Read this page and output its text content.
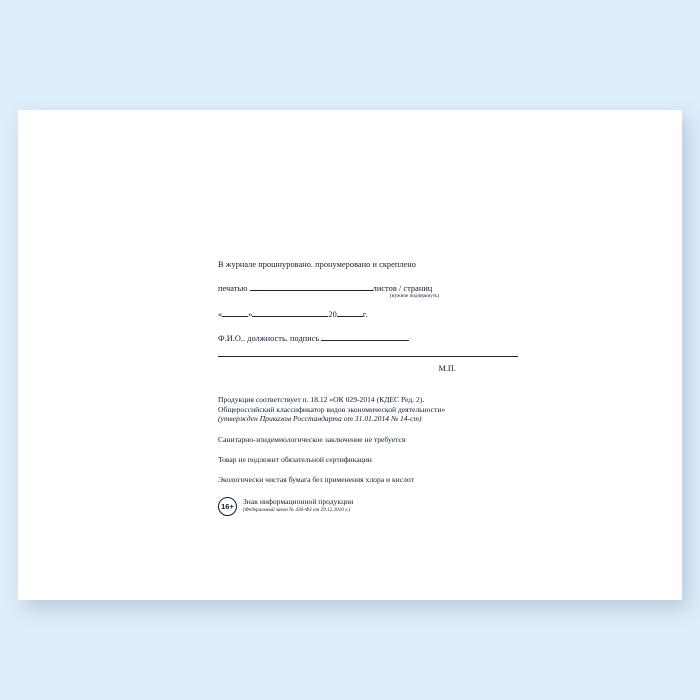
В журнале прошнуровано. пронумеровано и скреплено
печатью	листов / страниц
(нужное подчеркнуть)
«	»	20	г.
Ф.И.О.. должность. подпись
М.П.
Продукция соответствует п. 18.12 «ОК 029-2014 (КДЕС Ред. 2).
Общероссийский классификатор видов экономической деятельности»
(утвержден Приказом Росстандарта от 31.01.2014 № 14-ст)
Санитарно-эпидемиологическое заключение не требуется
Товар не подлежит обязательной сертификации
Экологически чистая бумага без применения хлора и кислот
16+	Знак информационной продукции
(Федеральный закон № 436-ФЗ от 29.12.2010 г.)
